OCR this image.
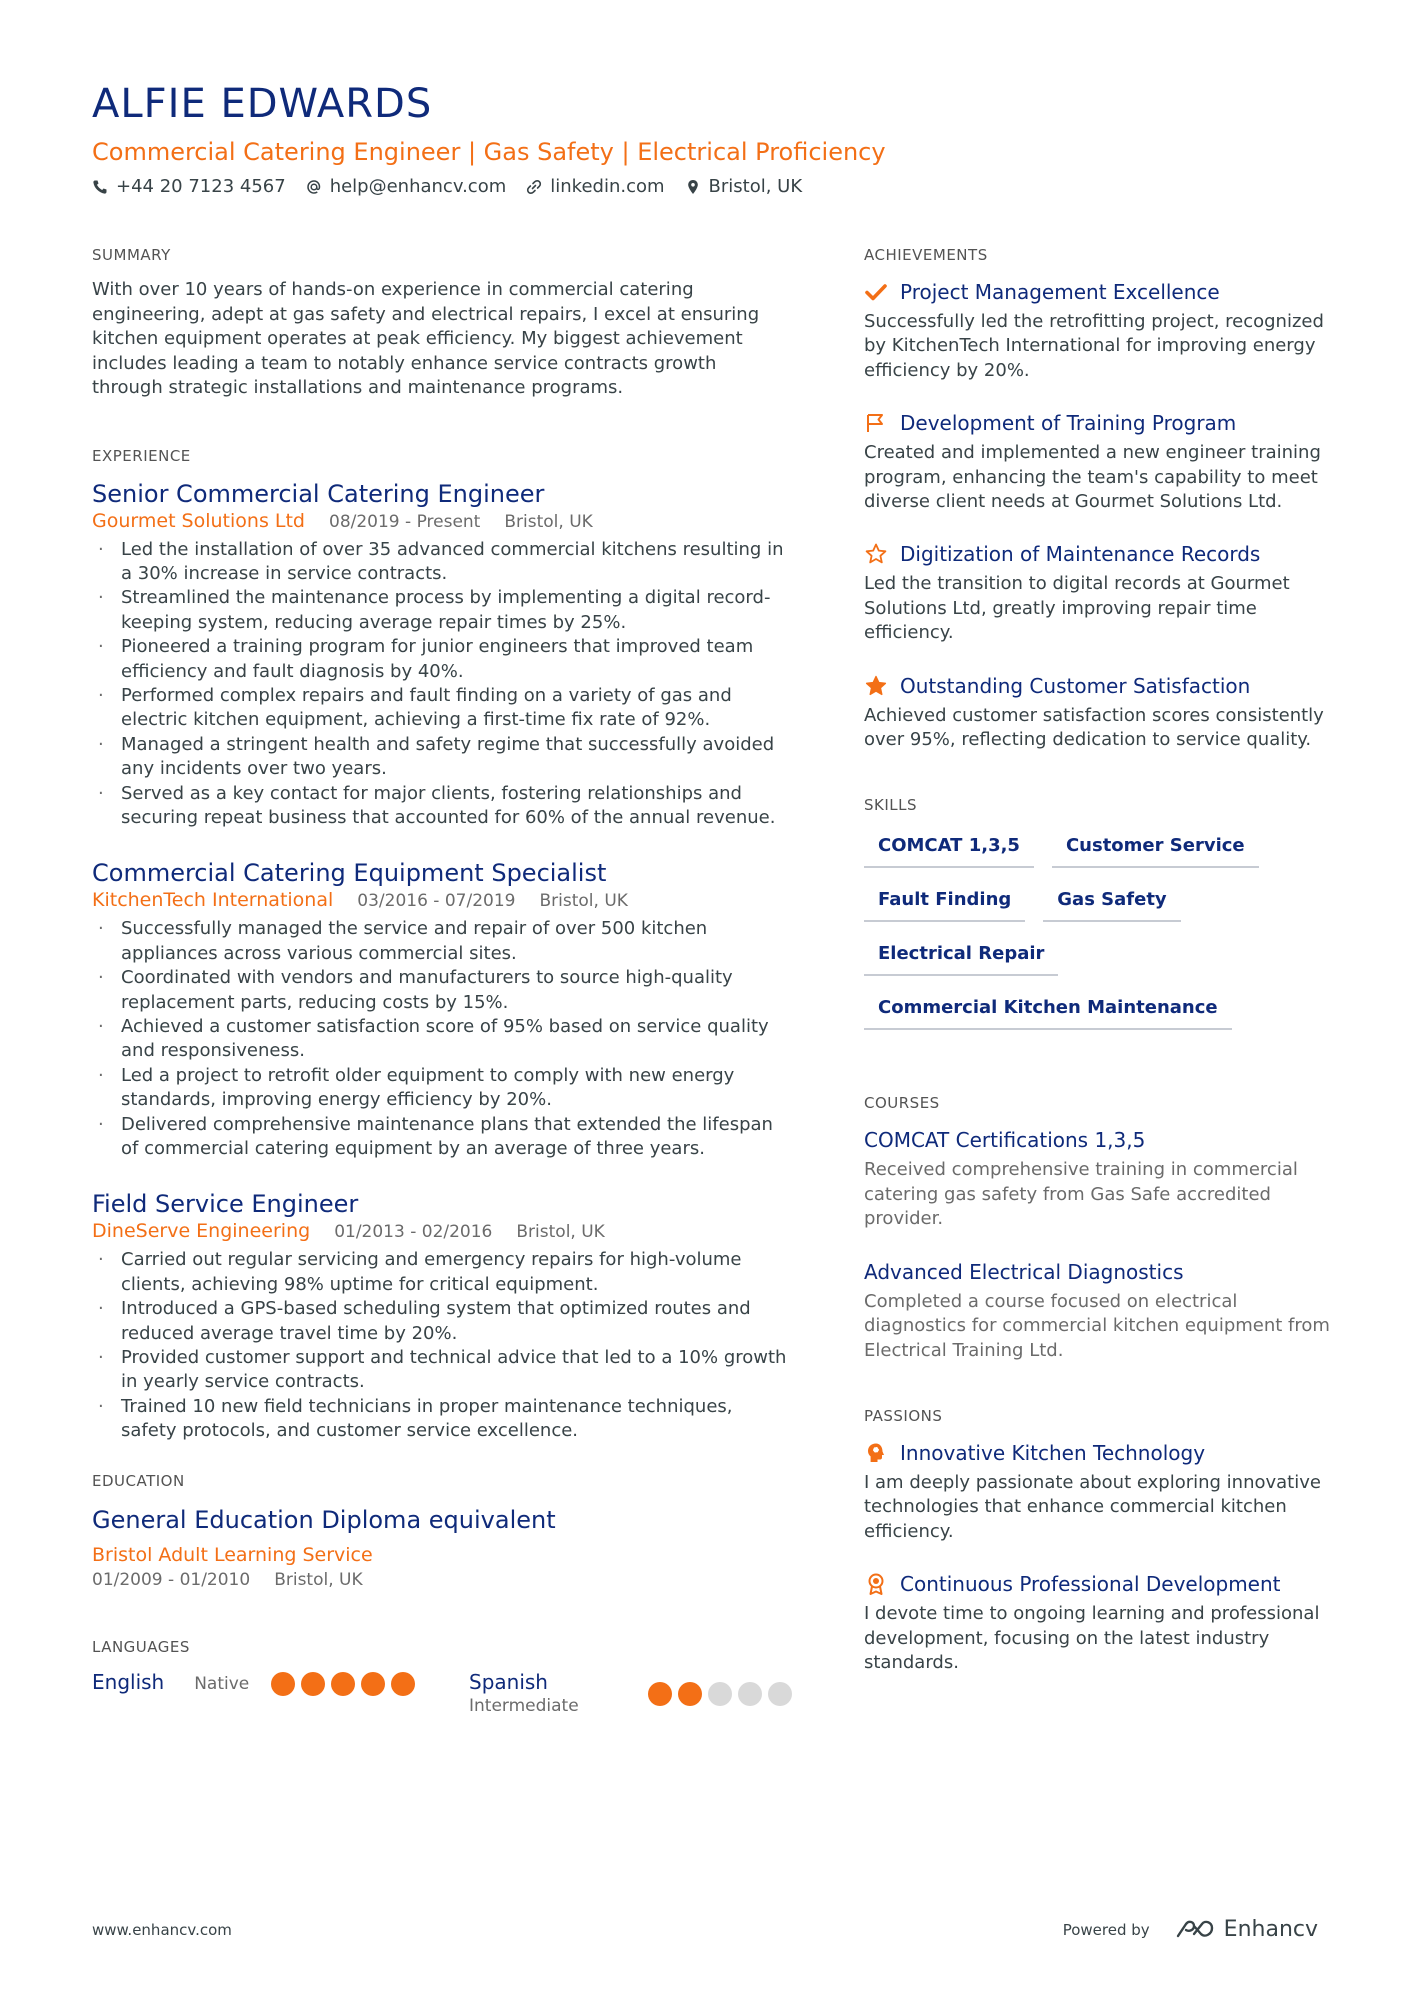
ALFIE EDWARDS
Commercial Catering Engineer | Gas Safety | Electrical Proficiency
+44 20 7123 4567 help@enhancv.com linkedin.com Bristol, UK
SUMMARY

With over 10 years of hands-on experience in commercial catering engineering, adept at gas safety and electrical repairs, I excel at ensuring kitchen equipment operates at peak efficiency. My biggest achievement includes leading a team to notably enhance service contracts growth through strategic installations and maintenance programs.

EXPERIENCE
Senior Commercial Catering Engineer
Gourmet Solutions Ltd 08/2019 - Present Bristol, UK
· Led the installation of over 35 advanced commercial kitchens resulting in a 30% increase in service contracts.
· Streamlined the maintenance process by implementing a digital record-keeping system, reducing average repair times by 25%.
· Pioneered a training program for junior engineers that improved team efficiency and fault diagnosis by 40%.
· Performed complex repairs and fault finding on a variety of gas and electric kitchen equipment, achieving a first-time fix rate of 92%.
· Managed a stringent health and safety regime that successfully avoided any incidents over two years.
· Served as a key contact for major clients, fostering relationships and securing repeat business that accounted for 60% of the annual revenue.
Commercial Catering Equipment Specialist
KitchenTech International 03/2016 - 07/2019 Bristol, UK
· Successfully managed the service and repair of over 500 kitchen appliances across various commercial sites.
· Coordinated with vendors and manufacturers to source high-quality replacement parts, reducing costs by 15%.
· Achieved a customer satisfaction score of 95% based on service quality and responsiveness.
· Led a project to retrofit older equipment to comply with new energy standards, improving energy efficiency by 20%.
· Delivered comprehensive maintenance plans that extended the lifespan of commercial catering equipment by an average of three years.
Field Service Engineer
DineServe Engineering 01/2013 - 02/2016 Bristol, UK
· Carried out regular servicing and emergency repairs for high-volume clients, achieving 98% uptime for critical equipment.
· Introduced a GPS-based scheduling system that optimized routes and reduced average travel time by 20%.
· Provided customer support and technical advice that led to a 10% growth in yearly service contracts.
· Trained 10 new field technicians in proper maintenance techniques, safety protocols, and customer service excellence.
EDUCATION
General Education Diploma equivalent
Bristol Adult Learning Service
01/2009 - 01/2010 Bristol, UK
LANGUAGES
English Native	Spanish
Intermediate
ACHIEVEMENTS
Project Management Excellence
Successfully led the retrofitting project, recognized by KitchenTech International for improving energy efficiency by 20%.
Development of Training Program
Created and implemented a new engineer training program, enhancing the team's capability to meet diverse client needs at Gourmet Solutions Ltd.
Digitization of Maintenance Records
Led the transition to digital records at Gourmet Solutions Ltd, greatly improving repair time efficiency.
Outstanding Customer Satisfaction
Achieved customer satisfaction scores consistently over 95%, reflecting dedication to service quality.
SKILLS
COMCAT 1,3,5	Customer Service
Fault Finding	Gas Safety
Electrical Repair
Commercial Kitchen Maintenance
COURSES
COMCAT Certifications 1,3,5
Received comprehensive training in commercial catering gas safety from Gas Safe accredited provider.
Advanced Electrical Diagnostics
Completed a course focused on electrical diagnostics for commercial kitchen equipment from Electrical Training Ltd.
PASSIONS
Innovative Kitchen Technology
I am deeply passionate about exploring innovative technologies that enhance commercial kitchen efficiency.
Continuous Professional Development
I devote time to ongoing learning and professional development, focusing on the latest industry standards.
www.enhancv.com	Powered by	Enhancv
